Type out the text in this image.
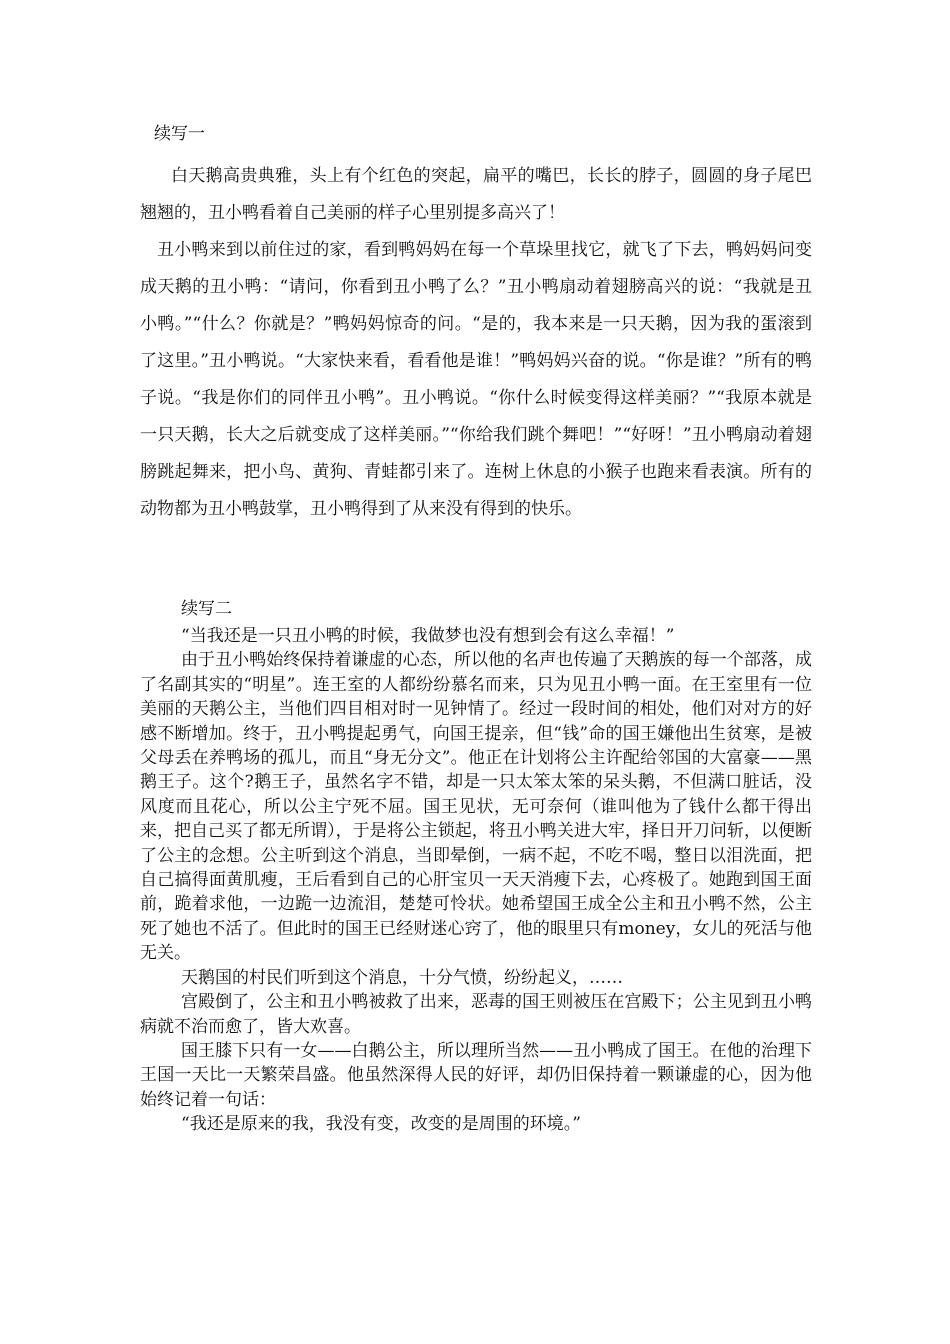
续写一

白天鹅高贵典雅，头上有个红色的突起，扁平的嘴巴，长长的脖子，圆圆的身子尾巴翘翘的，丑小鸭看着自己美丽的样子心里别提多高兴了！

丑小鸭来到以前住过的家，看到鸭妈妈在每一个草垛里找它，就飞了下去，鸭妈妈问变成天鹅的丑小鸭：“请问，你看到丑小鸭了么？”丑小鸭扇动着翅膀高兴的说：“我就是丑小鸭。”“什么？你就是？”鸭妈妈惊奇的问。“是的，我本来是一只天鹅，因为我的蛋滚到了这里。”丑小鸭说。“大家快来看，看看他是谁！”鸭妈妈兴奋的说。“你是谁？”所有的鸭子说。“我是你们的同伴丑小鸭”。丑小鸭说。“你什么时候变得这样美丽？”“我原本就是一只天鹅，长大之后就变成了这样美丽。”“你给我们跳个舞吧！”“好呀！”丑小鸭扇动着翅膀跳起舞来，把小鸟、黄狗、青蛙都引来了。连树上休息的小猴子也跑来看表演。所有的动物都为丑小鸭鼓掌，丑小鸭得到了从来没有得到的快乐。

续写二

“当我还是一只丑小鸭的时候，我做梦也没有想到会有这么幸福！”

由于丑小鸭始终保持着谦虚的心态，所以他的名声也传遍了天鹅族的每一个部落，成了名副其实的“明星”。连王室的人都纷纷慕名而来，只为见丑小鸭一面。在王室里有一位美丽的天鹅公主，当他们四目相对时一见钟情了。经过一段时间的相处，他们对对方的好感不断增加。终于，丑小鸭提起勇气，向国王提亲，但“钱”命的国王嫌他出生贫寒，是被父母丢在养鸭场的孤儿，而且“身无分文”。他正在计划将公主许配给邻国的大富豪——黑鹅王子。这个?鹅王子，虽然名字不错，却是一只太笨太笨的呆头鹅，不但满口脏话，没风度而且花心，所以公主宁死不屈。国王见状，无可奈何（谁叫他为了钱什么都干得出来，把自己买了都无所谓），于是将公主锁起，将丑小鸭关进大牢，择日开刀问斩，以便断了公主的念想。公主听到这个消息，当即晕倒，一病不起，不吃不喝，整日以泪洗面，把自己搞得面黄肌瘦，王后看到自己的心肝宝贝一天天消瘦下去，心疼极了。她跑到国王面前，跪着求他，一边跪一边流泪，楚楚可怜状。她希望国王成全公主和丑小鸭不然，公主死了她也不活了。但此时的国王已经财迷心窍了，他的眼里只有money，女儿的死活与他无关。

天鹅国的村民们听到这个消息，十分气愤，纷纷起义，……

宫殿倒了，公主和丑小鸭被救了出来，恶毒的国王则被压在宫殿下；公主见到丑小鸭病就不治而愈了，皆大欢喜。

国王膝下只有一女——白鹅公主，所以理所当然——丑小鸭成了国王。在他的治理下王国一天比一天繁荣昌盛。他虽然深得人民的好评，却仍旧保持着一颗谦虚的心，因为他始终记着一句话：

“我还是原来的我，我没有变，改变的是周围的环境。”
